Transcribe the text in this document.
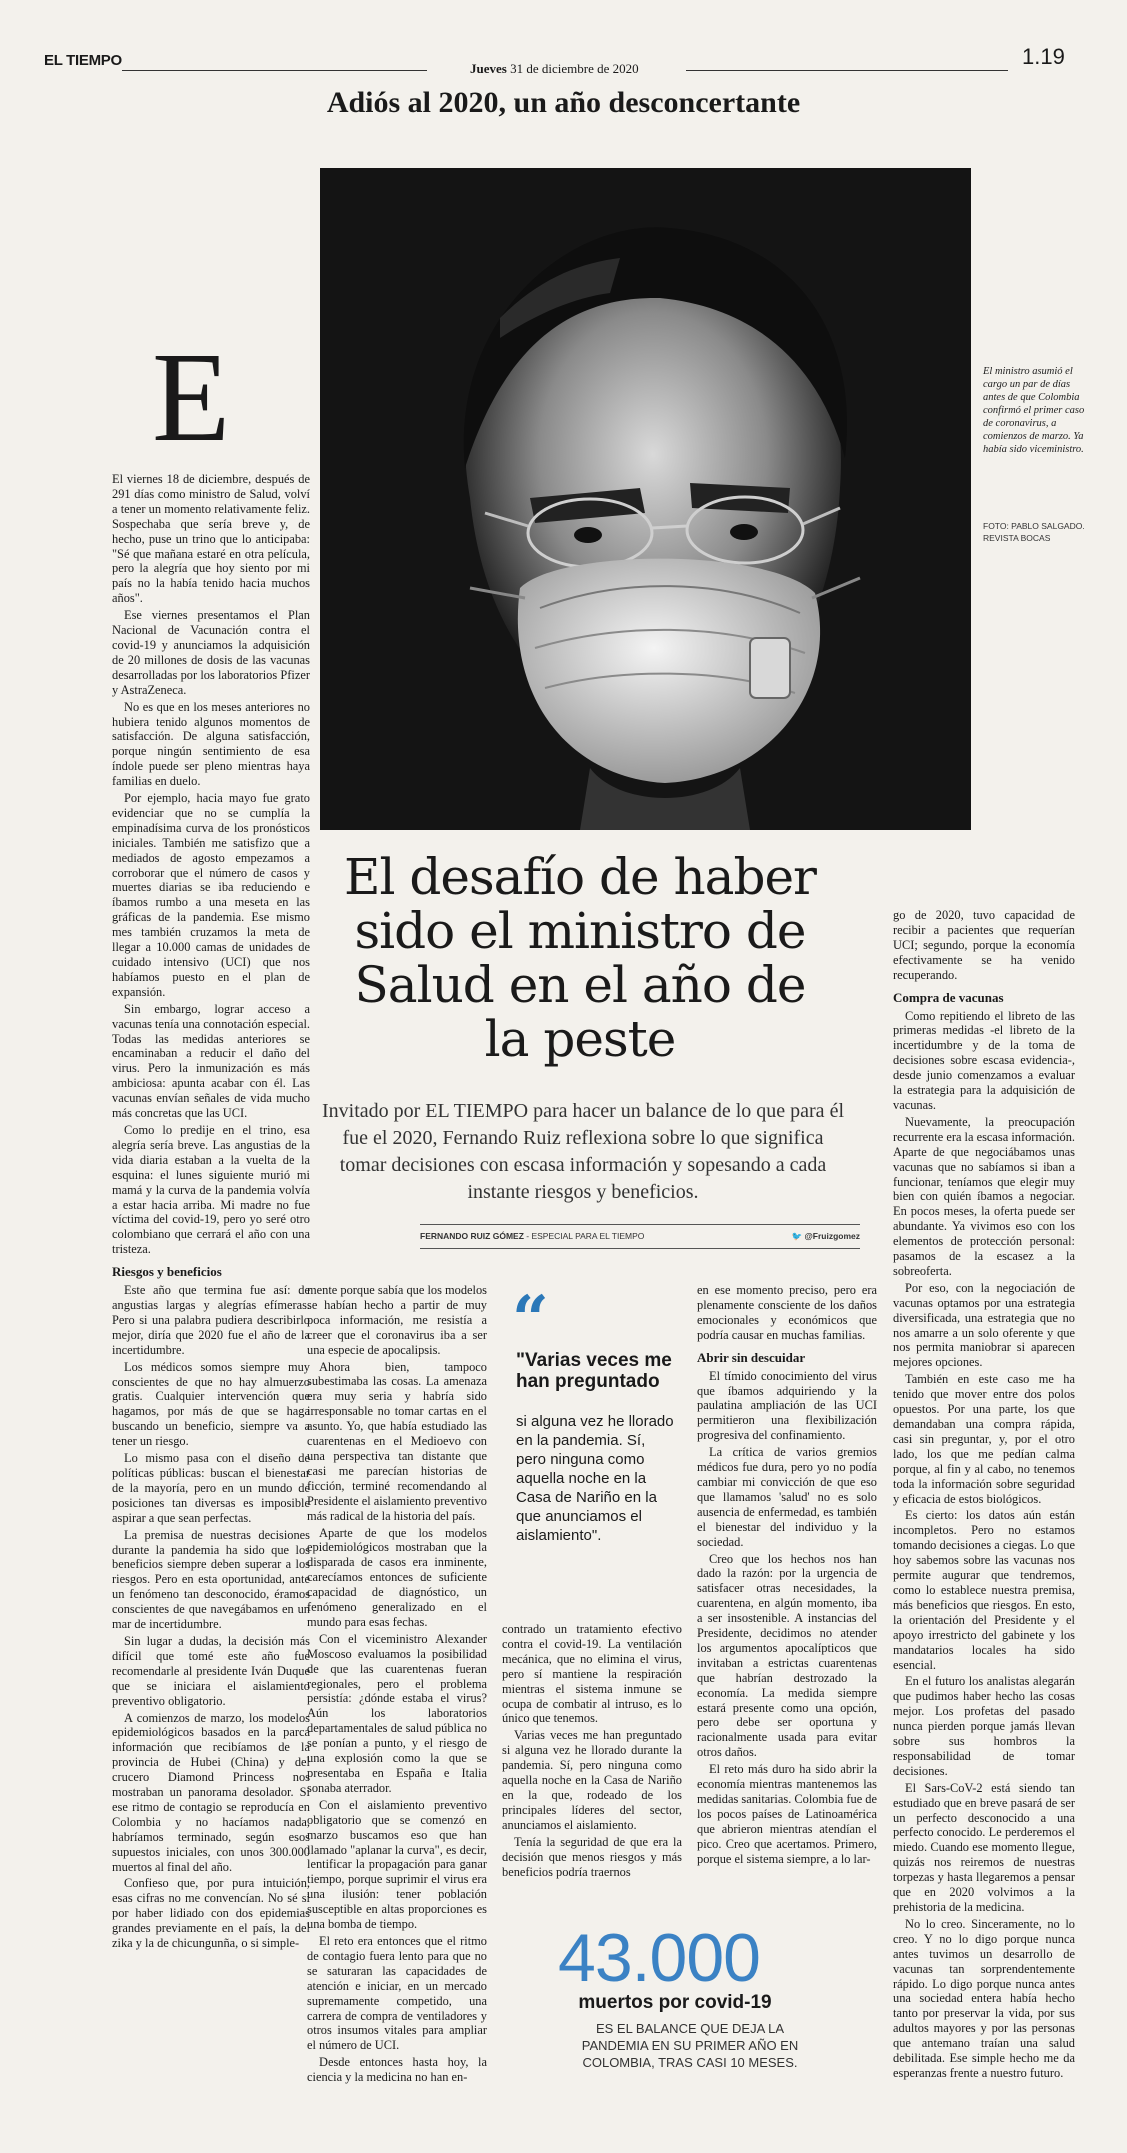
EL TIEMPO	Jueves 31 de diciembre de 2020	1.19
Adiós al 2020, un año desconcertante
El ministro asumió el cargo un par de días antes de que Colombia confirmó el primer caso de coronavirus, a comienzos de marzo. Ya había sido viceministro.
FOTO: PABLO SALGADO. REVISTA BOCAS
E
El desafío de haber sido el ministro de Salud en el año de la peste
Invitado por EL TIEMPO para hacer un balance de lo que para él fue el 2020, Fernando Ruiz reflexiona sobre lo que significa tomar decisiones con escasa información y sopesando a cada instante riesgos y beneficios.
FERNANDO RUIZ GÓMEZ - ESPECIAL PARA EL TIEMPO	🐦 @Fruizgomez

El viernes 18 de diciembre, después de 291 días como ministro de Salud, volví a tener un momento relativamente feliz. Sospechaba que sería breve y, de hecho, puse un trino que lo anticipaba: "Sé que mañana estaré en otra película, pero la alegría que hoy siento por mi país no la había tenido hacia muchos años".

Ese viernes presentamos el Plan Nacional de Vacunación contra el covid-19 y anunciamos la adquisición de 20 millones de dosis de las vacunas desarrolladas por los laboratorios Pfizer y AstraZeneca.

No es que en los meses anteriores no hubiera tenido algunos momentos de satisfacción. De alguna satisfacción, porque ningún sentimiento de esa índole puede ser pleno mientras haya familias en duelo.

Por ejemplo, hacia mayo fue grato evidenciar que no se cumplía la empinadísima curva de los pronósticos iniciales. También me satisfizo que a mediados de agosto empezamos a corroborar que el número de casos y muertes diarias se iba reduciendo e íbamos rumbo a una meseta en las gráficas de la pandemia. Ese mismo mes también cruzamos la meta de llegar a 10.000 camas de unidades de cuidado intensivo (UCI) que nos habíamos puesto en el plan de expansión.

Sin embargo, lograr acceso a vacunas tenía una connotación especial. Todas las medidas anteriores se encaminaban a reducir el daño del virus. Pero la inmunización es más ambiciosa: apunta acabar con él. Las vacunas envían señales de vida mucho más concretas que las UCI.

Como lo predije en el trino, esa alegría sería breve. Las angustias de la vida diaria estaban a la vuelta de la esquina: el lunes siguiente murió mi mamá y la curva de la pandemia volvía a estar hacia arriba. Mi madre no fue víctima del covid-19, pero yo seré otro colombiano que cerrará el año con una tristeza.

Riesgos y beneficios

Este año que termina fue así: de angustias largas y alegrías efímeras. Pero si una palabra pudiera describirlo mejor, diría que 2020 fue el año de la incertidumbre.

Los médicos somos siempre muy conscientes de que no hay almuerzo gratis. Cualquier intervención que hagamos, por más de que se haga buscando un beneficio, siempre va a tener un riesgo.

Lo mismo pasa con el diseño de políticas públicas: buscan el bienestar de la mayoría, pero en un mundo de posiciones tan diversas es imposible aspirar a que sean perfectas.

La premisa de nuestras decisiones durante la pandemia ha sido que los beneficios siempre deben superar a los riesgos. Pero en esta oportunidad, ante un fenómeno tan desconocido, éramos conscientes de que navegábamos en un mar de incertidumbre.

Sin lugar a dudas, la decisión más difícil que tomé este año fue recomendarle al presidente Iván Duque que se iniciara el aislamiento preventivo obligatorio.

A comienzos de marzo, los modelos epidemiológicos basados en la parca información que recibíamos de la provincia de Hubei (China) y del crucero Diamond Princess nos mostraban un panorama desolador. Si ese ritmo de contagio se reproducía en Colombia y no hacíamos nada, habríamos terminado, según esos supuestos iniciales, con unos 300.000 muertos al final del año.

Confieso que, por pura intuición, esas cifras no me convencían. No sé si por haber lidiado con dos epidemias grandes previamente en el país, la del zika y la de chicungunña, o si simple-

mente porque sabía que los modelos se habían hecho a partir de muy poca información, me resistía a creer que el coronavirus iba a ser una especie de apocalipsis.

Ahora bien, tampoco subestimaba las cosas. La amenaza era muy seria y habría sido irresponsable no tomar cartas en el asunto. Yo, que había estudiado las cuarentenas en el Medioevo con una perspectiva tan distante que casi me parecían historias de ficción, terminé recomendando al Presidente el aislamiento preventivo más radical de la historia del país.

Aparte de que los modelos epidemiológicos mostraban que la disparada de casos era inminente, carecíamos entonces de suficiente capacidad de diagnóstico, un fenómeno generalizado en el mundo para esas fechas.

Con el viceministro Alexander Moscoso evaluamos la posibilidad de que las cuarentenas fueran regionales, pero el problema persistía: ¿dónde estaba el virus? Aún los laboratorios departamentales de salud pública no se ponían a punto, y el riesgo de una explosión como la que se presentaba en España e Italia sonaba aterrador.

Con el aislamiento preventivo obligatorio que se comenzó en marzo buscamos eso que han llamado "aplanar la curva", es decir, lentificar la propagación para ganar tiempo, porque suprimir el virus era una ilusión: tener población susceptible en altas proporciones es una bomba de tiempo.

El reto era entonces que el ritmo de contagio fuera lento para que no se saturaran las capacidades de atención e iniciar, en un mercado supremamente competido, una carrera de compra de ventiladores y otros insumos vitales para ampliar el número de UCI.

Desde entonces hasta hoy, la ciencia y la medicina no han en-

“
"Varias veces me han preguntado
si alguna vez he llorado en la pandemia. Sí, pero ninguna como aquella noche en la Casa de Nariño en la que anunciamos el aislamiento".

contrado un tratamiento efectivo contra el covid-19. La ventilación mecánica, que no elimina el virus, pero sí mantiene la respiración mientras el sistema inmune se ocupa de combatir al intruso, es lo único que tenemos.

Varias veces me han preguntado si alguna vez he llorado durante la pandemia. Sí, pero ninguna como aquella noche en la Casa de Nariño en la que, rodeado de los principales líderes del sector, anunciamos el aislamiento.

Tenía la seguridad de que era la decisión que menos riesgos y más beneficios podría traernos

en ese momento preciso, pero era plenamente consciente de los daños emocionales y económicos que podría causar en muchas familias.

Abrir sin descuidar

El tímido conocimiento del virus que íbamos adquiriendo y la paulatina ampliación de las UCI permitieron una flexibilización progresiva del confinamiento.

La crítica de varios gremios médicos fue dura, pero yo no podía cambiar mi convicción de que eso que llamamos 'salud' no es solo ausencia de enfermedad, es también el bienestar del individuo y la sociedad.

Creo que los hechos nos han dado la razón: por la urgencia de satisfacer otras necesidades, la cuarentena, en algún momento, iba a ser insostenible. A instancias del Presidente, decidimos no atender los argumentos apocalípticos que invitaban a estrictas cuarentenas que habrían destrozado la economía. La medida siempre estará presente como una opción, pero debe ser oportuna y racionalmente usada para evitar otros daños.

El reto más duro ha sido abrir la economía mientras mantenemos las medidas sanitarias. Colombia fue de los pocos países de Latinoamérica que abrieron mientras atendían el pico. Creo que acertamos. Primero, porque el sistema siempre, a lo lar-

go de 2020, tuvo capacidad de recibir a pacientes que requerían UCI; segundo, porque la economía efectivamente se ha venido recuperando.

Compra de vacunas

Como repitiendo el libreto de las primeras medidas -el libreto de la incertidumbre y de la toma de decisiones sobre escasa evidencia-, desde junio comenzamos a evaluar la estrategia para la adquisición de vacunas.

Nuevamente, la preocupación recurrente era la escasa información. Aparte de que negociábamos unas vacunas que no sabíamos si iban a funcionar, teníamos que elegir muy bien con quién íbamos a negociar. En pocos meses, la oferta puede ser abundante. Ya vivimos eso con los elementos de protección personal: pasamos de la escasez a la sobreoferta.

Por eso, con la negociación de vacunas optamos por una estrategia diversificada, una estrategia que no nos amarre a un solo oferente y que nos permita maniobrar si aparecen mejores opciones.

También en este caso me ha tenido que mover entre dos polos opuestos. Por una parte, los que demandaban una compra rápida, casi sin preguntar, y, por el otro lado, los que me pedían calma porque, al fin y al cabo, no tenemos toda la información sobre seguridad y eficacia de estos biológicos.

Es cierto: los datos aún están incompletos. Pero no estamos tomando decisiones a ciegas. Lo que hoy sabemos sobre las vacunas nos permite augurar que tendremos, como lo establece nuestra premisa, más beneficios que riesgos. En esto, la orientación del Presidente y el apoyo irrestricto del gabinete y los mandatarios locales ha sido esencial.

En el futuro los analistas alegarán que pudimos haber hecho las cosas mejor. Los profetas del pasado nunca pierden porque jamás llevan sobre sus hombros la responsabilidad de tomar decisiones.

El Sars-CoV-2 está siendo tan estudiado que en breve pasará de ser un perfecto desconocido a una perfecto conocido. Le perderemos el miedo. Cuando ese momento llegue, quizás nos reiremos de nuestras torpezas y hasta llegaremos a pensar que en 2020 volvimos a la prehistoria de la medicina.

No lo creo. Sinceramente, no lo creo. Y no lo digo porque nunca antes tuvimos un desarrollo de vacunas tan sorprendentemente rápido. Lo digo porque nunca antes una sociedad entera había hecho tanto por preservar la vida, por sus adultos mayores y por las personas que antemano traían una salud debilitada. Ese simple hecho me da esperanzas frente a nuestro futuro.

43.000
muertos por covid-19
ES EL BALANCE QUE DEJA LA PANDEMIA EN SU PRIMER AÑO EN COLOMBIA, TRAS CASI 10 MESES.
